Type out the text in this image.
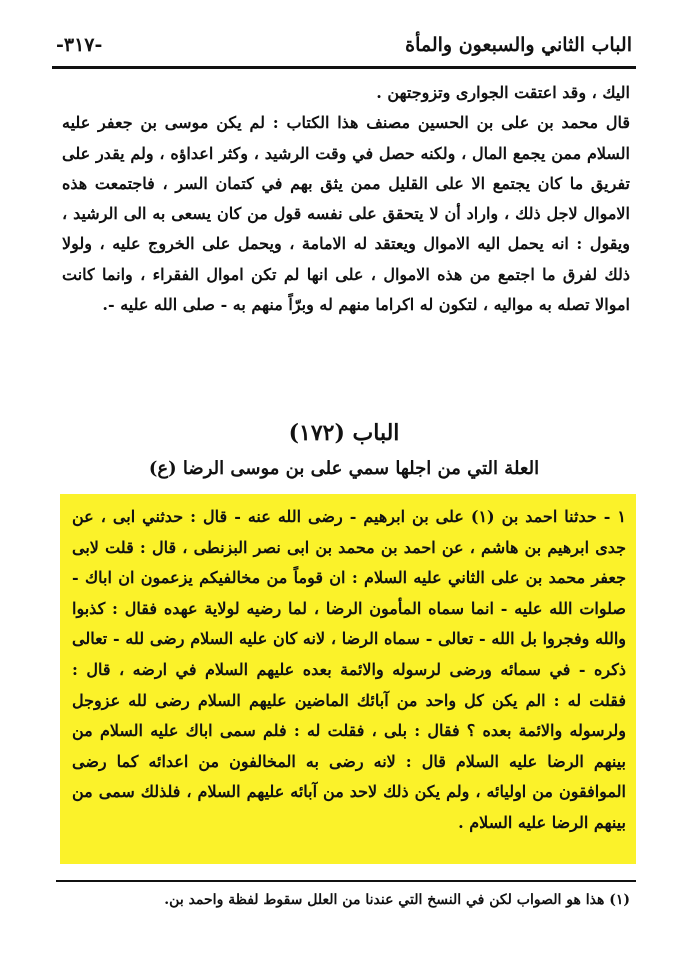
الباب الثاني والسبعون والمأة
-٣١٧-

اليك ، وقد اعتقت الجوارى وتزوجتهن .

قال محمد بن على بن الحسين مصنف هذا الكتاب : لم يكن موسى بن جعفر عليه السلام ممن يجمع المال ، ولكنه حصل في وقت الرشيد ، وكثر اعداؤه ، ولم يقدر على تفريق ما كان يجتمع الا على القليل ممن يثق بهم في كتمان السر ، فاجتمعت هذه الاموال لاجل ذلك ، واراد أن لا يتحقق على نفسه قول من كان يسعى به الى الرشيد ، ويقول : انه يحمل اليه الاموال ويعتقد له الامامة ، ويحمل على الخروج عليه ، ولولا ذلك لفرق ما اجتمع من هذه الاموال ، على انها لم تكن اموال الفقراء ، وانما كانت اموالا تصله به مواليه ، لتكون له اكراما منهم له وبرّاً منهم به - صلى الله عليه -.

الباب (١٧٢)
العلة التي من اجلها سمي على بن موسى الرضا (ع)

١ - حدثنا احمد بن (١) على بن ابرهيم - رضى الله عنه - قال : حدثني ابى ، عن جدى ابرهيم بن هاشم ، عن احمد بن محمد بن ابى نصر البزنطى ، قال : قلت لابى جعفر محمد بن على الثاني عليه السلام : ان قوماً من مخالفيكم يزعمون ان اباك - صلوات الله عليه - انما سماه المأمون الرضا ، لما رضيه لولاية عهده فقال : كذبوا والله وفجروا بل الله - تعالى - سماه الرضا ، لانه كان عليه السلام رضى لله - تعالى ذكره - في سمائه ورضى لرسوله والائمة بعده عليهم السلام في ارضه ، قال : فقلت له : الم يكن كل واحد من آبائك الماضين عليهم السلام رضى لله عزوجل ولرسوله والائمة بعده ؟ فقال : بلى ، فقلت له : فلم سمى اباك عليه السلام من بينهم الرضا عليه السلام قال : لانه رضى به المخالفون من اعدائه كما رضى الموافقون من اوليائه ، ولم يكن ذلك لاحد من آبائه عليهم السلام ، فلذلك سمى من بينهم الرضا عليه السلام .

(١) هذا هو الصواب لكن في النسخ التي عندنا من العلل سقوط لفظة واحمد بن.
